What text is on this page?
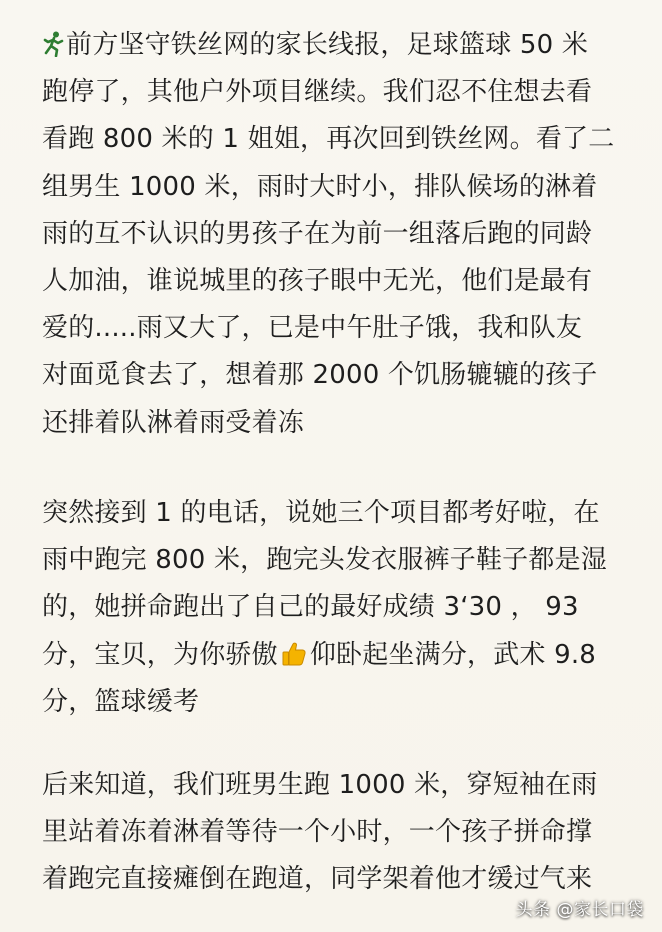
前方坚守铁丝网的家长线报，足球篮球 50 米
跑停了，其他户外项目继续。我们忍不住想去看
看跑 800 米的 1 姐姐，再次回到铁丝网。看了二
组男生 1000 米，雨时大时小，排队候场的淋着
雨的互不认识的男孩子在为前一组落后跑的同龄
人加油，谁说城里的孩子眼中无光，他们是最有
爱的.....雨又大了，已是中午肚子饿，我和队友
对面觅食去了，想着那 2000 个饥肠辘辘的孩子
还排着队淋着雨受着冻
突然接到 1 的电话，说她三个项目都考好啦，在
雨中跑完 800 米，跑完头发衣服裤子鞋子都是湿
的，她拼命跑出了自己的最好成绩 3‘30 ， 93
分，宝贝，为你骄傲 仰卧起坐满分，武术 9.8
分，篮球缓考
后来知道，我们班男生跑 1000 米，穿短袖在雨
里站着冻着淋着等待一个小时，一个孩子拼命撑
着跑完直接瘫倒在跑道，同学架着他才缓过气来
头条 @家长口袋
